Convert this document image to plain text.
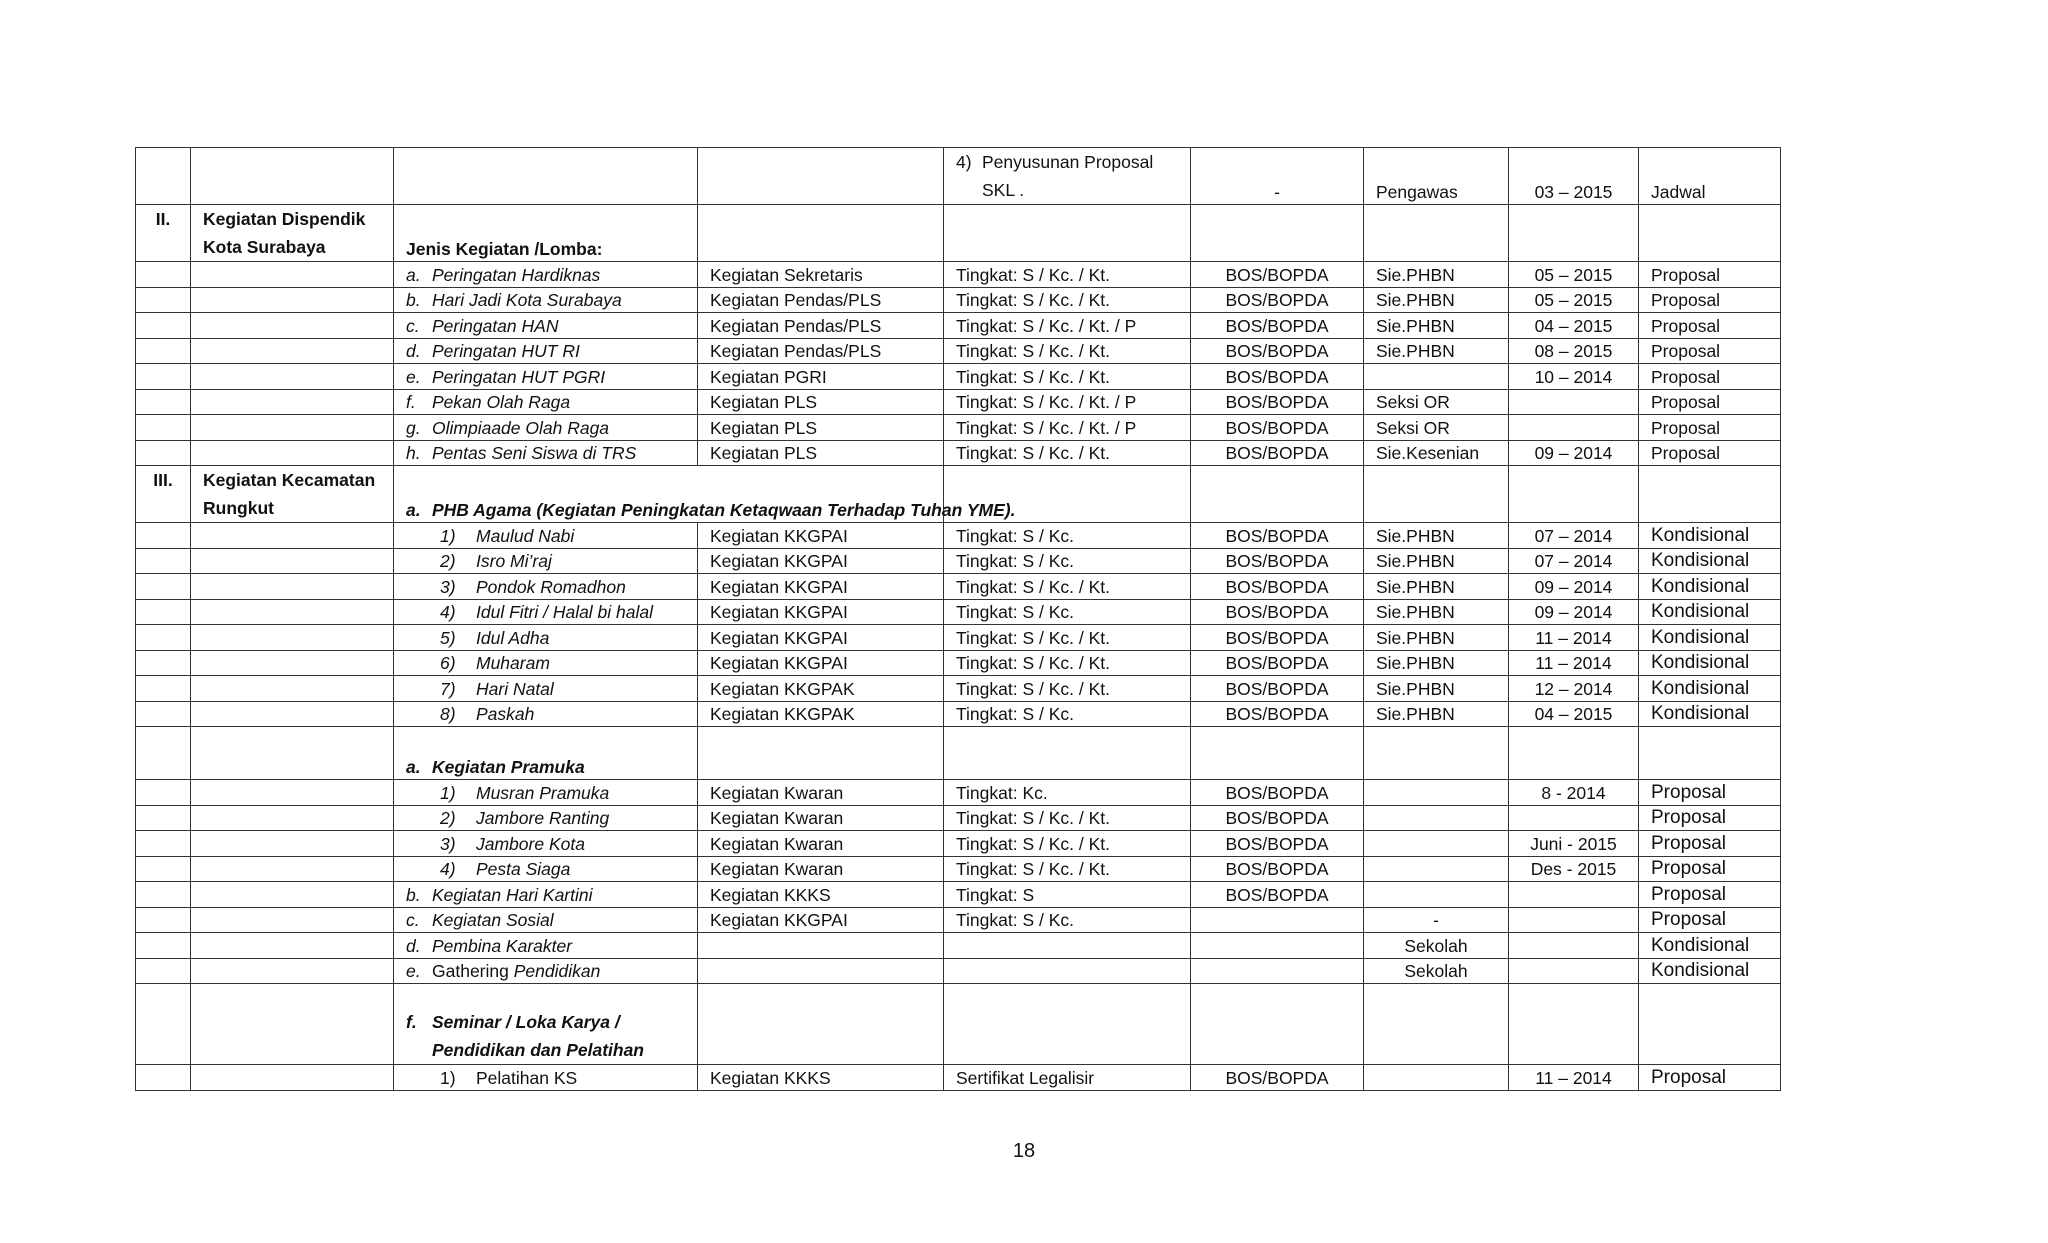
				4) Penyusunan Proposal
SKL .	-	Pengawas	03 – 2015	Jadwal
II.	Kegiatan Dispendik
Kota Surabaya	Jenis Kegiatan /Lomba:						
		a. Peringatan Hardiknas	Kegiatan Sekretaris	Tingkat: S / Kc. / Kt.	BOS/BOPDA	Sie.PHBN	05 – 2015	Proposal
		b. Hari Jadi Kota Surabaya	Kegiatan Pendas/PLS	Tingkat: S / Kc. / Kt.	BOS/BOPDA	Sie.PHBN	05 – 2015	Proposal
		c. Peringatan HAN	Kegiatan Pendas/PLS	Tingkat: S / Kc. / Kt. / P	BOS/BOPDA	Sie.PHBN	04 – 2015	Proposal
		d. Peringatan HUT RI	Kegiatan Pendas/PLS	Tingkat: S / Kc. / Kt.	BOS/BOPDA	Sie.PHBN	08 – 2015	Proposal
		e. Peringatan HUT PGRI	Kegiatan PGRI	Tingkat: S / Kc. / Kt.	BOS/BOPDA		10 – 2014	Proposal
		f. Pekan Olah Raga	Kegiatan PLS	Tingkat: S / Kc. / Kt. / P	BOS/BOPDA	Seksi OR		Proposal
		g. Olimpiaade Olah Raga	Kegiatan PLS	Tingkat: S / Kc. / Kt. / P	BOS/BOPDA	Seksi OR		Proposal
		h. Pentas Seni Siswa di TRS	Kegiatan PLS	Tingkat: S / Kc. / Kt.	BOS/BOPDA	Sie.Kesenian	09 – 2014	Proposal
III.	Kegiatan Kecamatan
Rungkut	a. PHB Agama (Kegiatan Peningkatan Ketaqwaan Terhadap Tuhan YME).						
		1) Maulud Nabi	Kegiatan KKGPAI	Tingkat: S / Kc.	BOS/BOPDA	Sie.PHBN	07 – 2014	Kondisional
		2) Isro Mi’raj	Kegiatan KKGPAI	Tingkat: S / Kc.	BOS/BOPDA	Sie.PHBN	07 – 2014	Kondisional
		3) Pondok Romadhon	Kegiatan KKGPAI	Tingkat: S / Kc. / Kt.	BOS/BOPDA	Sie.PHBN	09 – 2014	Kondisional
		4) Idul Fitri / Halal bi halal	Kegiatan KKGPAI	Tingkat: S / Kc.	BOS/BOPDA	Sie.PHBN	09 – 2014	Kondisional
		5) Idul Adha	Kegiatan KKGPAI	Tingkat: S / Kc. / Kt.	BOS/BOPDA	Sie.PHBN	11 – 2014	Kondisional
		6) Muharam	Kegiatan KKGPAI	Tingkat: S / Kc. / Kt.	BOS/BOPDA	Sie.PHBN	11 – 2014	Kondisional
		7) Hari Natal	Kegiatan KKGPAK	Tingkat: S / Kc. / Kt.	BOS/BOPDA	Sie.PHBN	12 – 2014	Kondisional
		8) Paskah	Kegiatan KKGPAK	Tingkat: S / Kc.	BOS/BOPDA	Sie.PHBN	04 – 2015	Kondisional
		a. Kegiatan Pramuka						
		1) Musran Pramuka	Kegiatan Kwaran	Tingkat: Kc.	BOS/BOPDA		8 - 2014	Proposal
		2) Jambore Ranting	Kegiatan Kwaran	Tingkat: S / Kc. / Kt.	BOS/BOPDA			Proposal
		3) Jambore Kota	Kegiatan Kwaran	Tingkat: S / Kc. / Kt.	BOS/BOPDA		Juni - 2015	Proposal
		4) Pesta Siaga	Kegiatan Kwaran	Tingkat: S / Kc. / Kt.	BOS/BOPDA		Des - 2015	Proposal
		b. Kegiatan Hari Kartini	Kegiatan KKKS	Tingkat: S	BOS/BOPDA			Proposal
		c. Kegiatan Sosial	Kegiatan KKGPAI	Tingkat: S / Kc.		-		Proposal
		d. Pembina Karakter				Sekolah		Kondisional
		e. Gathering Pendidikan				Sekolah		Kondisional

		f. Seminar / Loka Karya /
Pendidikan dan Pelatihan						

		1) Pelatihan KS	Kegiatan KKKS	Sertifikat Legalisir	BOS/BOPDA		11 – 2014	Proposal
18
